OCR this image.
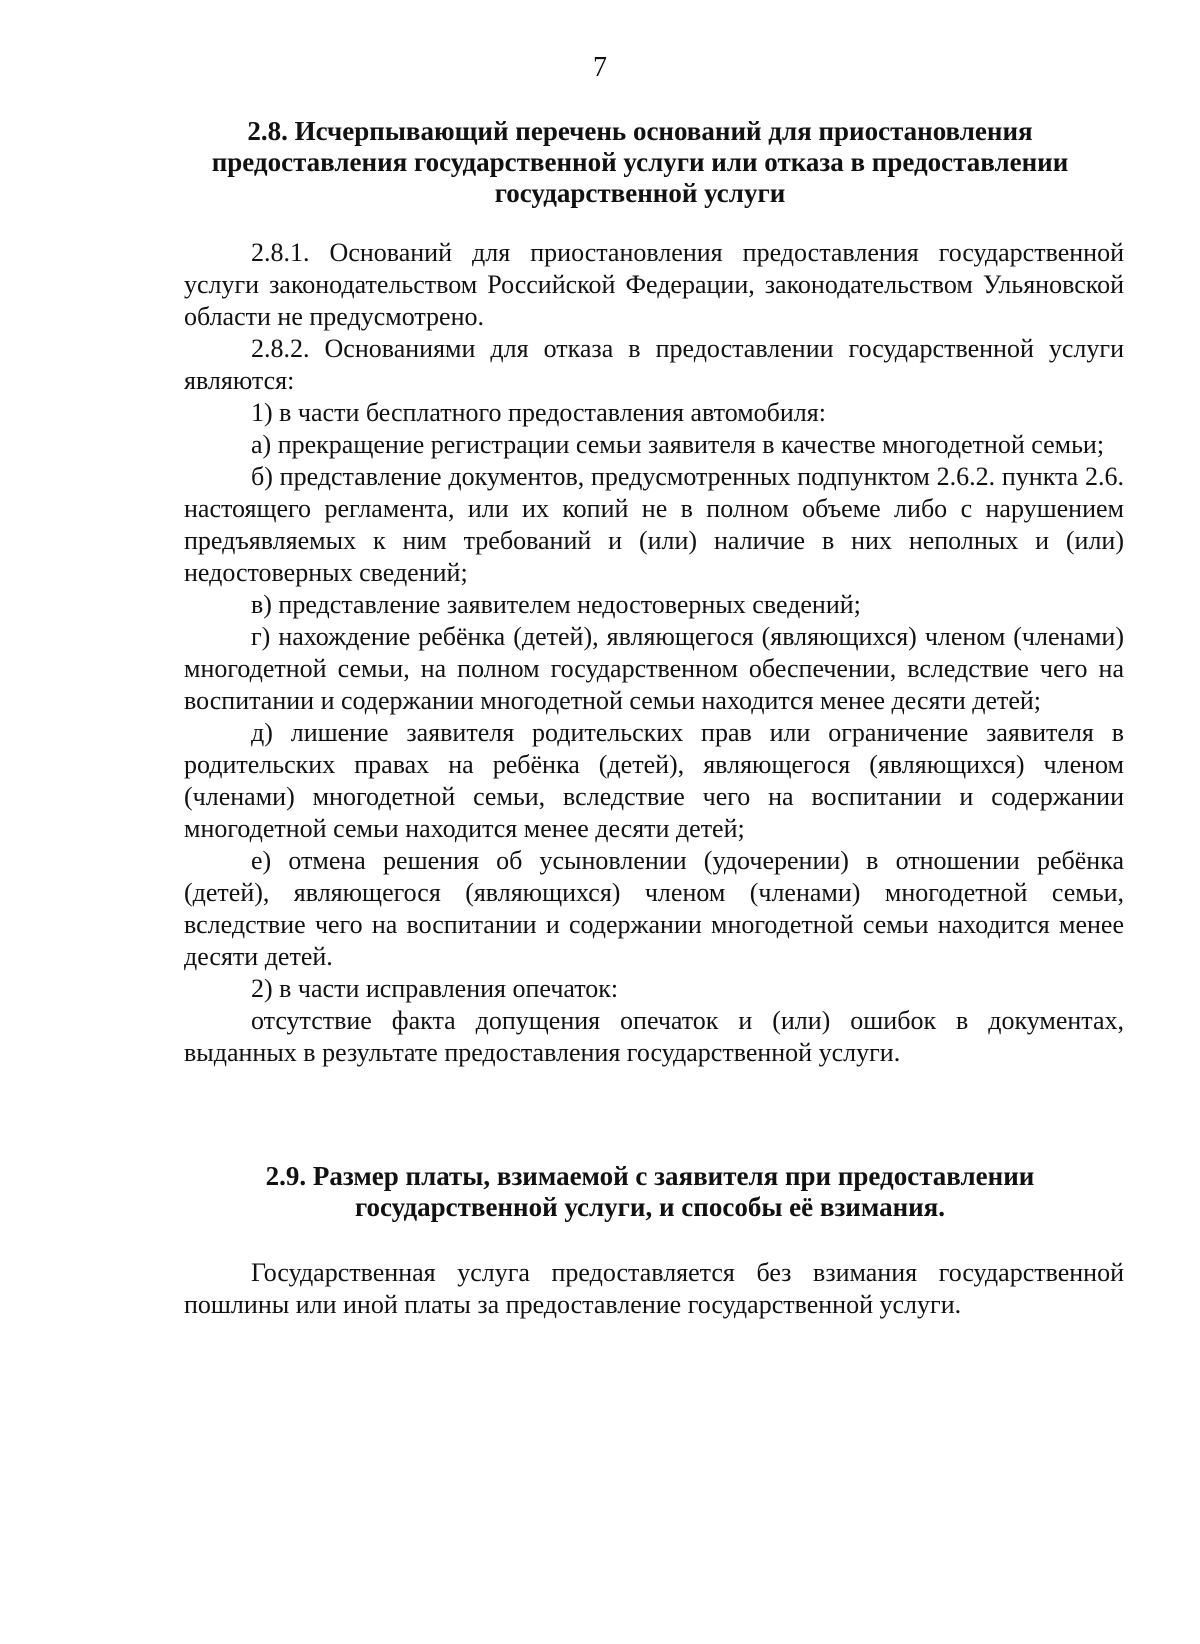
7
2.8. Исчерпывающий перечень оснований для приостановления
предоставления государственной услуги или отказа в предоставлении
государственной услуги

2.8.1. Оснований для приостановления предоставления государственной услуги законодательством Российской Федерации, законодательством Ульяновской области не предусмотрено.

2.8.2. Основаниями для отказа в предоставлении государственной услуги являются:

1) в части бесплатного предоставления автомобиля:

а) прекращение регистрации семьи заявителя в качестве многодетной семьи;

б) представление документов, предусмотренных подпунктом 2.6.2. пункта 2.6. настоящего регламента, или их копий не в полном объеме либо с нарушением предъявляемых к ним требований и (или) наличие в них неполных и (или) недостоверных сведений;

в) представление заявителем недостоверных сведений;

г) нахождение ребёнка (детей), являющегося (являющихся) членом (членами) многодетной семьи, на полном государственном обеспечении, вследствие чего на воспитании и содержании многодетной семьи находится менее десяти детей;

д) лишение заявителя родительских прав или ограничение заявителя в родительских правах на ребёнка (детей), являющегося (являющихся) членом (членами) многодетной семьи, вследствие чего на воспитании и содержании многодетной семьи находится менее десяти детей;

е) отмена решения об усыновлении (удочерении) в отношении ребёнка (детей), являющегося (являющихся) членом (членами) многодетной семьи, вследствие чего на воспитании и содержании многодетной семьи находится менее десяти детей.

2) в части исправления опечаток:

отсутствие факта допущения опечаток и (или) ошибок в документах, выданных в результате предоставления государственной услуги.

2.9. Размер платы, взимаемой с заявителя при предоставлении
государственной услуги, и способы её взимания.

Государственная услуга предоставляется без взимания государственной пошлины или иной платы за предоставление государственной услуги.
